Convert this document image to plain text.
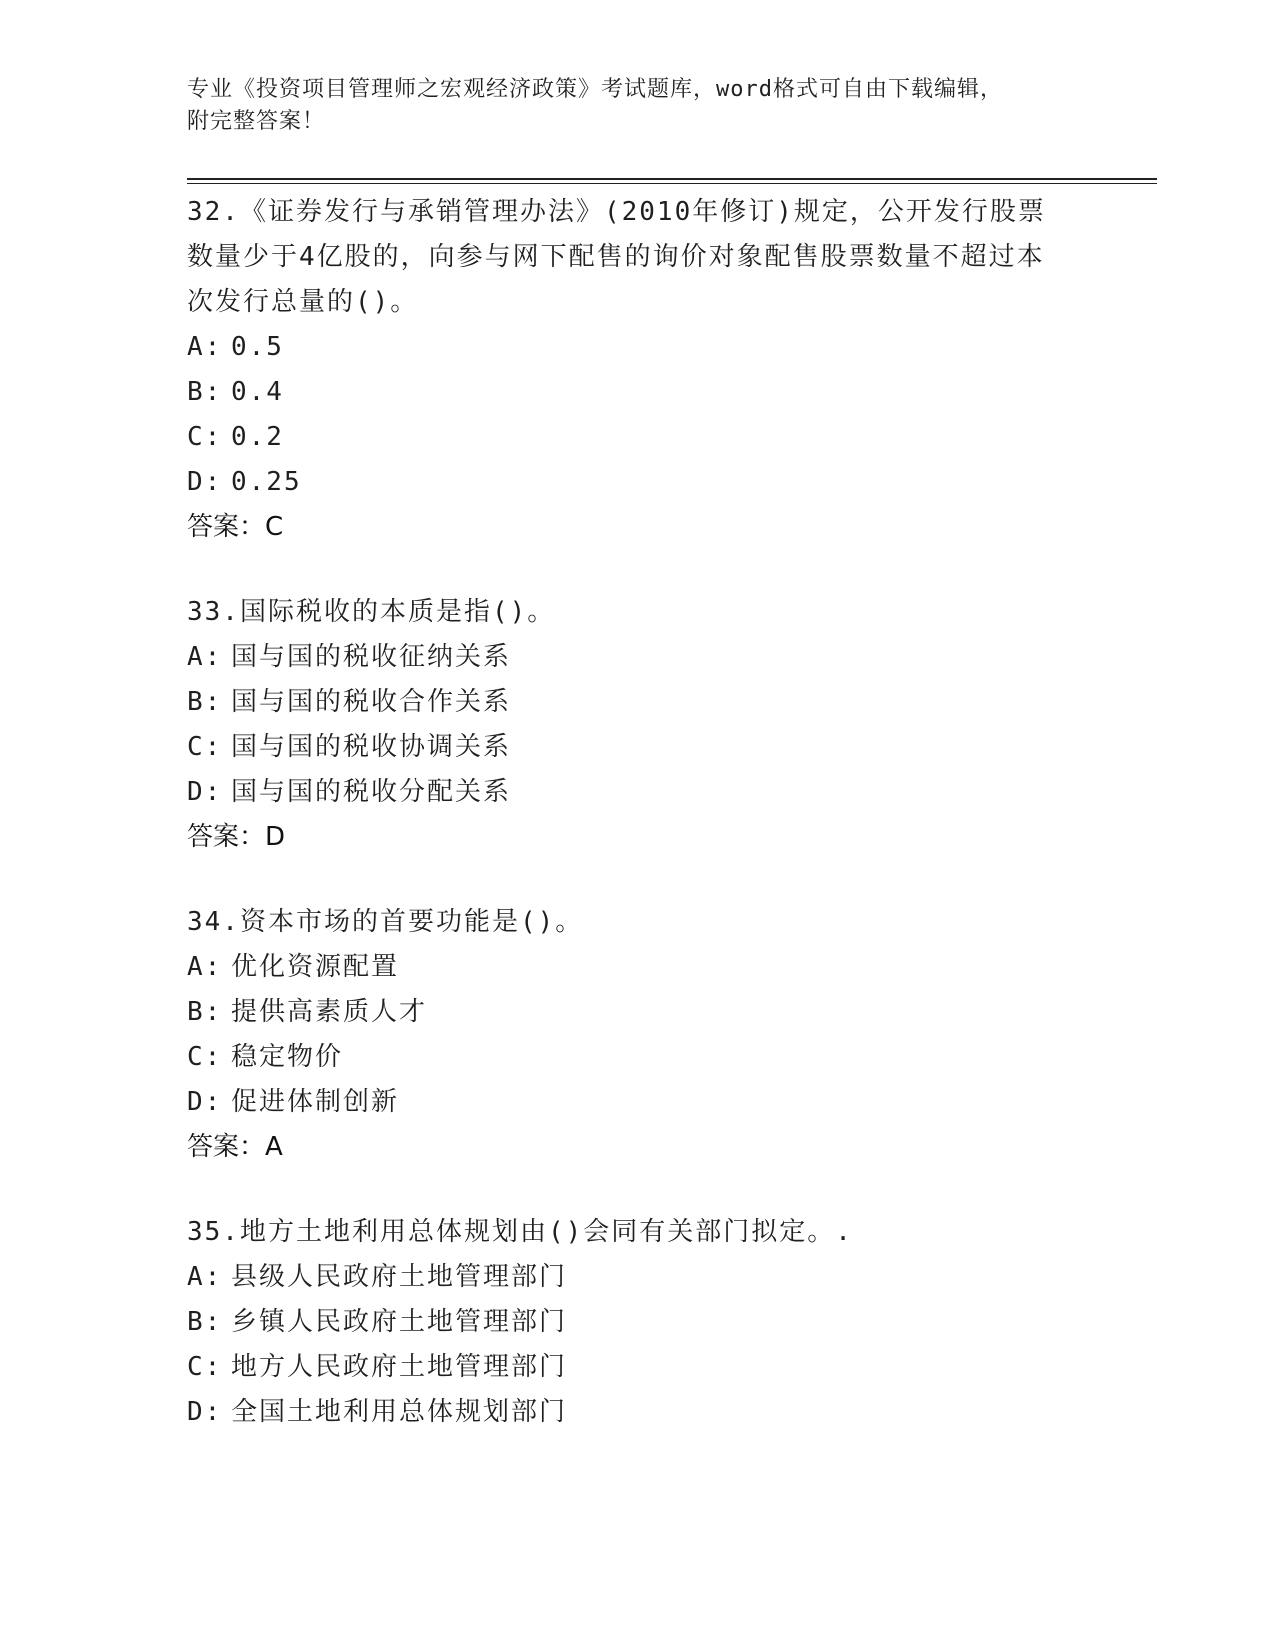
专业《投资项目管理师之宏观经济政策》考试题库，word格式可自由下载编辑，
附完整答案！
32.《证券发行与承销管理办法》(2010年修订)规定，公开发行股票数量少于4亿股的，向参与网下配售的询价对象配售股票数量不超过本次发行总量的()。
A: 0.5
B: 0.4
C: 0.2
D: 0.25
答案：C
33.国际税收的本质是指()。
A: 国与国的税收征纳关系
B: 国与国的税收合作关系
C: 国与国的税收协调关系
D: 国与国的税收分配关系
答案：D
34.资本市场的首要功能是()。
A: 优化资源配置
B: 提供高素质人才
C: 稳定物价
D: 促进体制创新
答案：A
35.地方土地利用总体规划由()会同有关部门拟定。.
A: 县级人民政府土地管理部门
B: 乡镇人民政府土地管理部门
C: 地方人民政府土地管理部门
D: 全国土地利用总体规划部门
